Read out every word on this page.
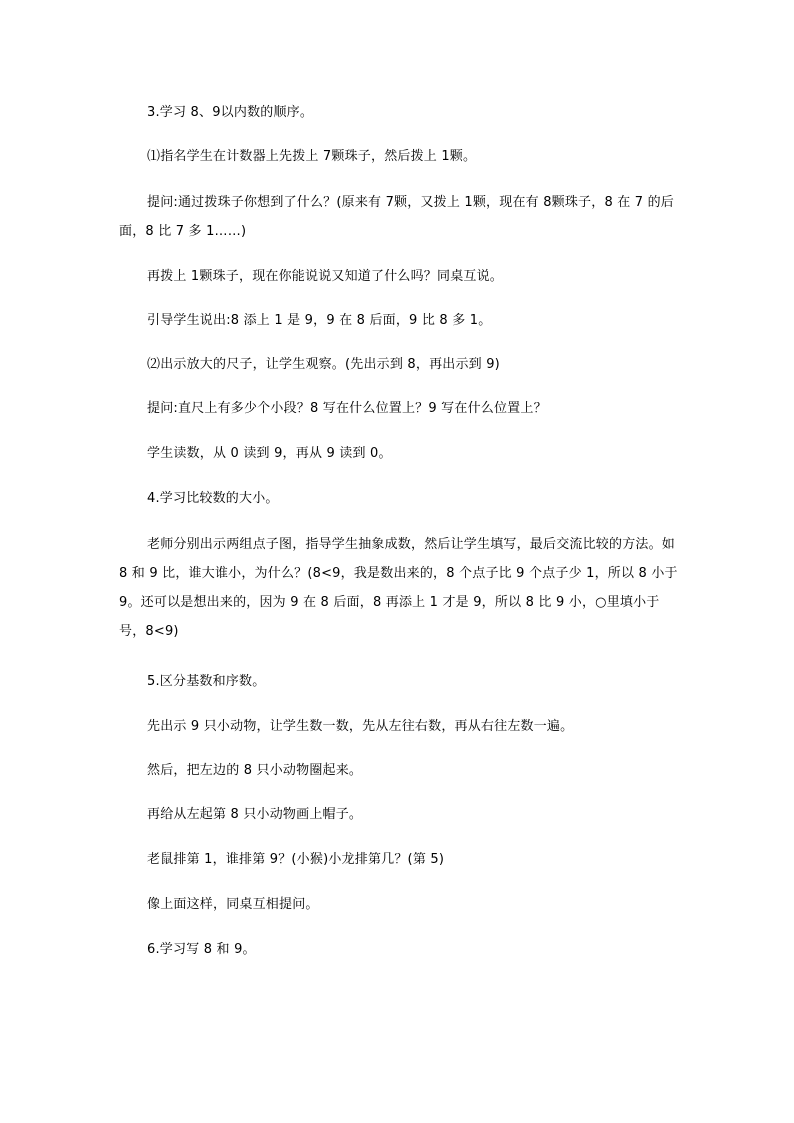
3.学习 8、9以内数的顺序。
⑴指名学生在计数器上先拨上 7颗珠子，然后拨上 1颗。
提问:通过拨珠子你想到了什么？(原来有 7颗，又拨上 1颗，现在有 8颗珠子，8 在 7 的后面，8 比 7 多 1……)
再拨上 1颗珠子，现在你能说说又知道了什么吗？同桌互说。
引导学生说出:8 添上 1 是 9，9 在 8 后面，9 比 8 多 1。
⑵出示放大的尺子，让学生观察。(先出示到 8，再出示到 9)
提问:直尺上有多少个小段？8 写在什么位置上？9 写在什么位置上？
学生读数，从 0 读到 9，再从 9 读到 0。
4.学习比较数的大小。
老师分别出示两组点子图，指导学生抽象成数，然后让学生填写，最后交流比较的方法。如 8 和 9 比，谁大谁小，为什么？(8<9，我是数出来的，8 个点子比 9 个点子少 1，所以 8 小于 9。还可以是想出来的，因为 9 在 8 后面，8 再添上 1 才是 9，所以 8 比 9 小，○里填小于号，8<9)
5.区分基数和序数。
先出示 9 只小动物，让学生数一数，先从左往右数，再从右往左数一遍。
然后，把左边的 8 只小动物圈起来。
再给从左起第 8 只小动物画上帽子。
老鼠排第 1，谁排第 9？(小猴)小龙排第几？(第 5)
像上面这样，同桌互相提问。
6.学习写 8 和 9。
